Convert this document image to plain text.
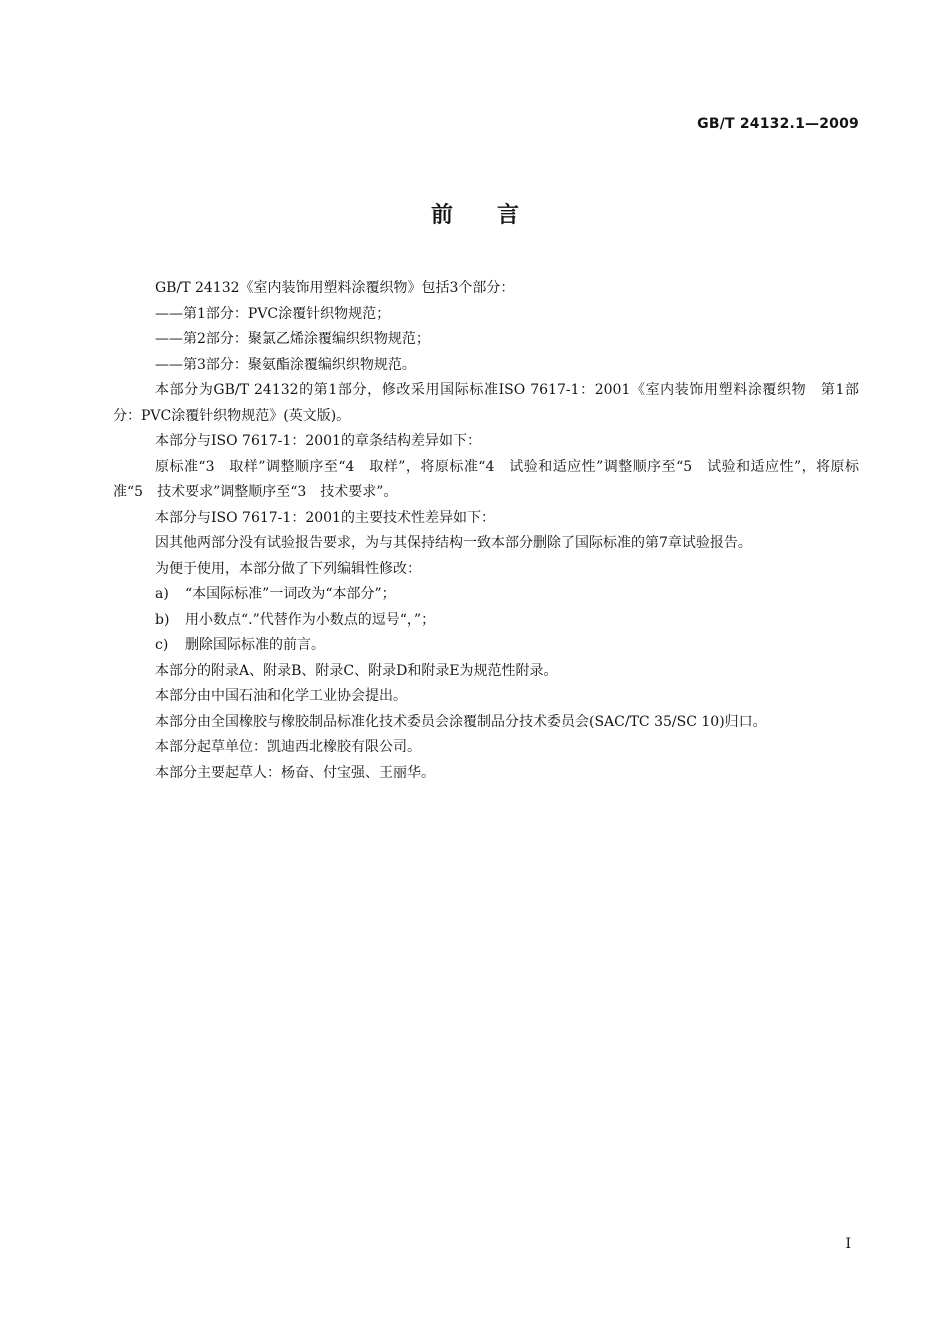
GB/T 24132.1—2009
前言

GB/T 24132《室内装饰用塑料涂覆织物》包括3个部分：

——第1部分：PVC涂覆针织物规范；

——第2部分：聚氯乙烯涂覆编织织物规范；

——第3部分：聚氨酯涂覆编织织物规范。

本部分为GB/T 24132的第1部分，修改采用国际标准ISO 7617-1：2001《室内装饰用塑料涂覆织物　第1部分：PVC涂覆针织物规范》(英文版)。

本部分与ISO 7617-1：2001的章条结构差异如下：

原标准“3　取样”调整顺序至“4　取样”，将原标准“4　试验和适应性”调整顺序至“5　试验和适应性”，将原标准“5　技术要求”调整顺序至“3　技术要求”。

本部分与ISO 7617-1：2001的主要技术性差异如下：

因其他两部分没有试验报告要求，为与其保持结构一致本部分删除了国际标准的第7章试验报告。

为便于使用，本部分做了下列编辑性修改：

a) “本国际标准”一词改为“本部分”；

b) 用小数点“.”代替作为小数点的逗号“，”；

c) 删除国际标准的前言。

本部分的附录A、附录B、附录C、附录D和附录E为规范性附录。

本部分由中国石油和化学工业协会提出。

本部分由全国橡胶与橡胶制品标准化技术委员会涂覆制品分技术委员会(SAC/TC 35/SC 10)归口。

本部分起草单位：凯迪西北橡胶有限公司。

本部分主要起草人：杨奋、付宝强、王丽华。

I
